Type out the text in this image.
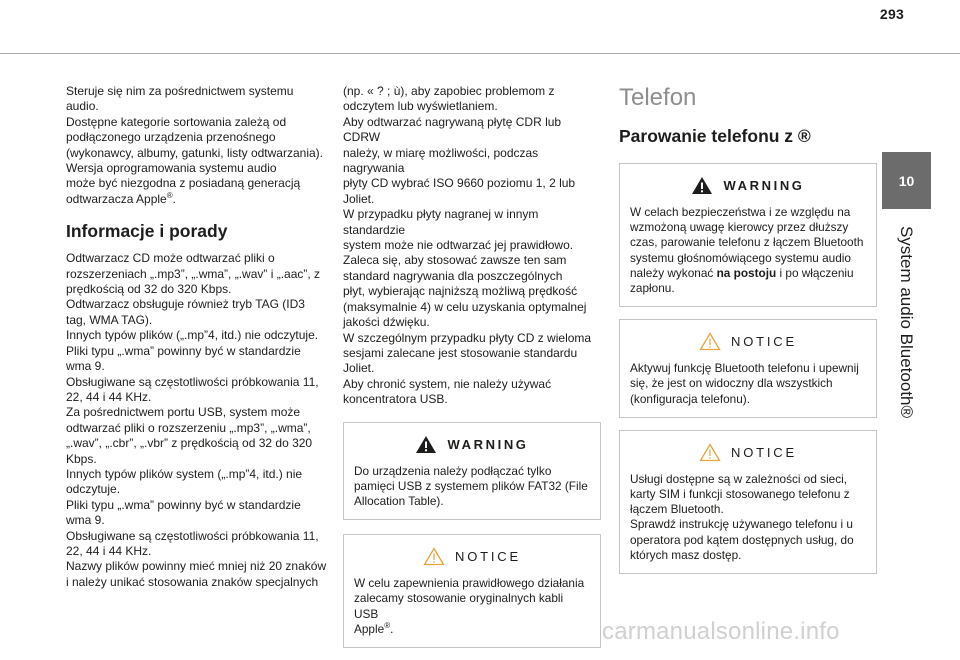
293
10
System audio Bluetooth®

Steruje się nim za pośrednictwem systemu
audio.
Dostępne kategorie sortowania zależą od
podłączonego urządzenia przenośnego
(wykonawcy, albumy, gatunki, listy odtwarzania).
Wersja oprogramowania systemu audio
może być niezgodna z posiadaną generacją
odtwarzacza Apple®.

Informacje i porady

Odtwarzacz CD może odtwarzać pliki o
rozszerzeniach „.mp3”, „.wma”, „.wav” i „.aac”, z
prędkością od 32 do 320 Kbps.
Odtwarzacz obsługuje również tryb TAG (ID3
tag, WMA TAG).
Innych typów plików („.mp”4, itd.) nie odczytuje.
Pliki typu „.wma” powinny być w standardzie
wma 9.
Obsługiwane są częstotliwości próbkowania 11,
22, 44 i 44 KHz.
Za pośrednictwem portu USB, system może
odtwarzać pliki o rozszerzeniu „.mp3”, „.wma”,
„.wav”, „.cbr”, „.vbr” z prędkością od 32 do 320
Kbps.
Innych typów plików system („.mp”4, itd.) nie
odczytuje.
Pliki typu „.wma” powinny być w standardzie
wma 9.
Obsługiwane są częstotliwości próbkowania 11,
22, 44 i 44 KHz.
Nazwy plików powinny mieć mniej niż 20 znaków
i należy unikać stosowania znaków specjalnych

(np. « ? ; ù), aby zapobiec problemom z
odczytem lub wyświetlaniem.
Aby odtwarzać nagrywaną płytę CDR lub CDRW
należy, w miarę możliwości, podczas nagrywania
płyty CD wybrać ISO 9660 poziomu 1, 2 lub
Joliet.
W przypadku płyty nagranej w innym standardzie
system może nie odtwarzać jej prawidłowo.
Zaleca się, aby stosować zawsze ten sam
standard nagrywania dla poszczególnych
płyt, wybierając najniższą możliwą prędkość
(maksymalnie 4) w celu uzyskania optymalnej
jakości dźwięku.
W szczególnym przypadku płyty CD z wieloma
sesjami zalecane jest stosowanie standardu
Joliet.
Aby chronić system, nie należy używać
koncentratora USB.

WARNING

Do urządzenia należy podłączać tylko
pamięci USB z systemem plików FAT32 (File
Allocation Table).

NOTICE

W celu zapewnienia prawidłowego działania
zalecamy stosowanie oryginalnych kabli USB
Apple®.

Telefon
Parowanie telefonu z ®
WARNING

W celach bezpieczeństwa i ze względu na
wzmożoną uwagę kierowcy przez dłuższy
czas, parowanie telefonu z łączem Bluetooth
systemu głośnomówiącego systemu audio
należy wykonać na postoju i po włączeniu
zapłonu.

NOTICE

Aktywuj funkcję Bluetooth telefonu i upewnij
się, że jest on widoczny dla wszystkich
(konfiguracja telefonu).

NOTICE

Usługi dostępne są w zależności od sieci,
karty SIM i funkcji stosowanego telefonu z
łączem Bluetooth.
Sprawdź instrukcję używanego telefonu i u
operatora pod kątem dostępnych usług, do
których masz dostęp.

carmanualsonline.info
